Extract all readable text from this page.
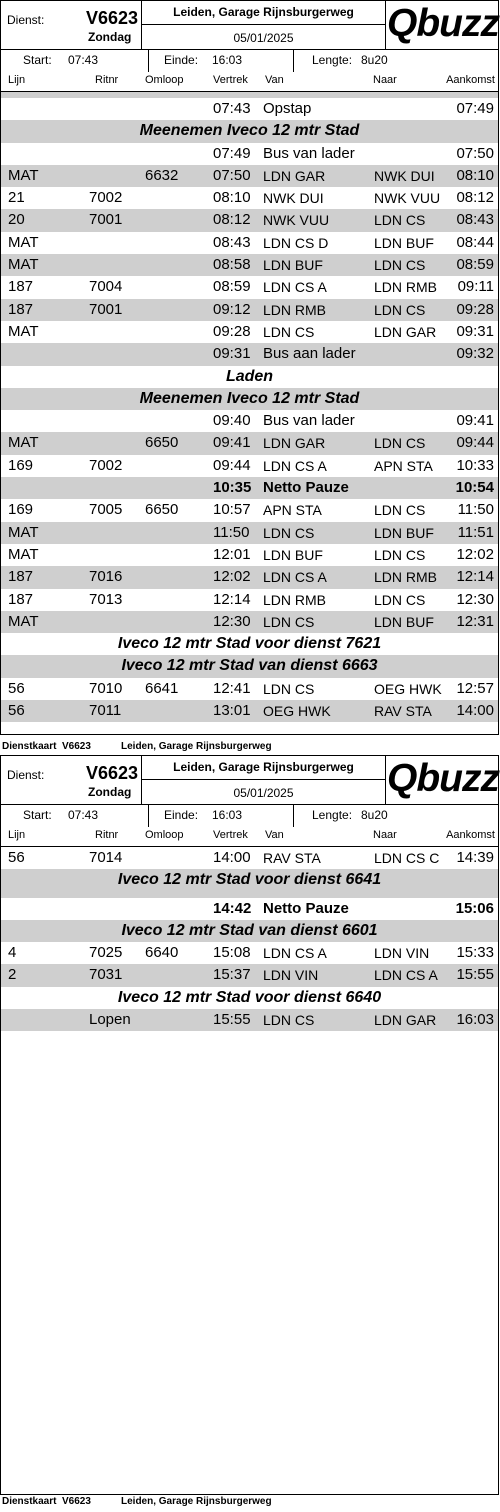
Dienst: V6623
Zondag
Leiden, Garage Rijnsburgerweg
05/01/2025	Qbuzz
Start: 07:43	Einde: 16:03	Lengte: 8u20
Lijn	Ritnr Omloop	Vertrek Van	Naar	Aankomst
07:43 Opstap	07:49
Meenemen Iveco 12 mtr Stad
07:49 Bus van lader	07:50
MAT	6632 07:50 LDN GAR	NWK DUI 08:10
21	7002	08:10 NWK DUI	NWK VUU 08:12
20	7001	08:12 NWK VUU	LDN CS 08:43
MAT	08:43 LDN CS D	LDN BUF 08:44
MAT	08:58 LDN BUF	LDN CS 08:59
187	7004	08:59 LDN CS A	LDN RMB 09:11
187	7001	09:12 LDN RMB	LDN CS 09:28
MAT	09:28 LDN CS	LDN GAR 09:31
09:31 Bus aan lader	09:32
Laden
Meenemen Iveco 12 mtr Stad
09:40 Bus van lader	09:41
MAT	6650 09:41 LDN GAR	LDN CS 09:44
169	7002	09:44 LDN CS A	APN STA 10:33
10:35 Netto Pauze	10:54
169	7005 6650 10:57 APN STA	LDN CS 11:50
MAT	11:50 LDN CS	LDN BUF 11:51
MAT	12:01 LDN BUF	LDN CS 12:02
187	7016	12:02 LDN CS A	LDN RMB 12:14
187	7013	12:14 LDN RMB	LDN CS 12:30
MAT	12:30 LDN CS	LDN BUF 12:31
Iveco 12 mtr Stad voor dienst 7621
Iveco 12 mtr Stad van dienst 6663
56	7010 6641 12:41 LDN CS	OEG HWK 12:57
56	7011	13:01 OEG HWK	RAV STA 14:00
Dienstkaart V6623	Leiden, Garage Rijnsburgerweg
Dienst: V6623
Zondag
Leiden, Garage Rijnsburgerweg
05/01/2025	Qbuzz
Start: 07:43	Einde: 16:03	Lengte: 8u20
Lijn	Ritnr Omloop	Vertrek Van	Naar	Aankomst
56	7014	14:00 RAV STA	LDN CS C 14:39
Iveco 12 mtr Stad voor dienst 6641
14:42 Netto Pauze	15:06
Iveco 12 mtr Stad van dienst 6601
4	7025 6640 15:08 LDN CS A	LDN VIN 15:33
2	7031	15:37 LDN VIN	LDN CS A 15:55
Iveco 12 mtr Stad voor dienst 6640
Lopen	15:55 LDN CS	LDN GAR 16:03
Dienstkaart V6623	Leiden, Garage Rijnsburgerweg
